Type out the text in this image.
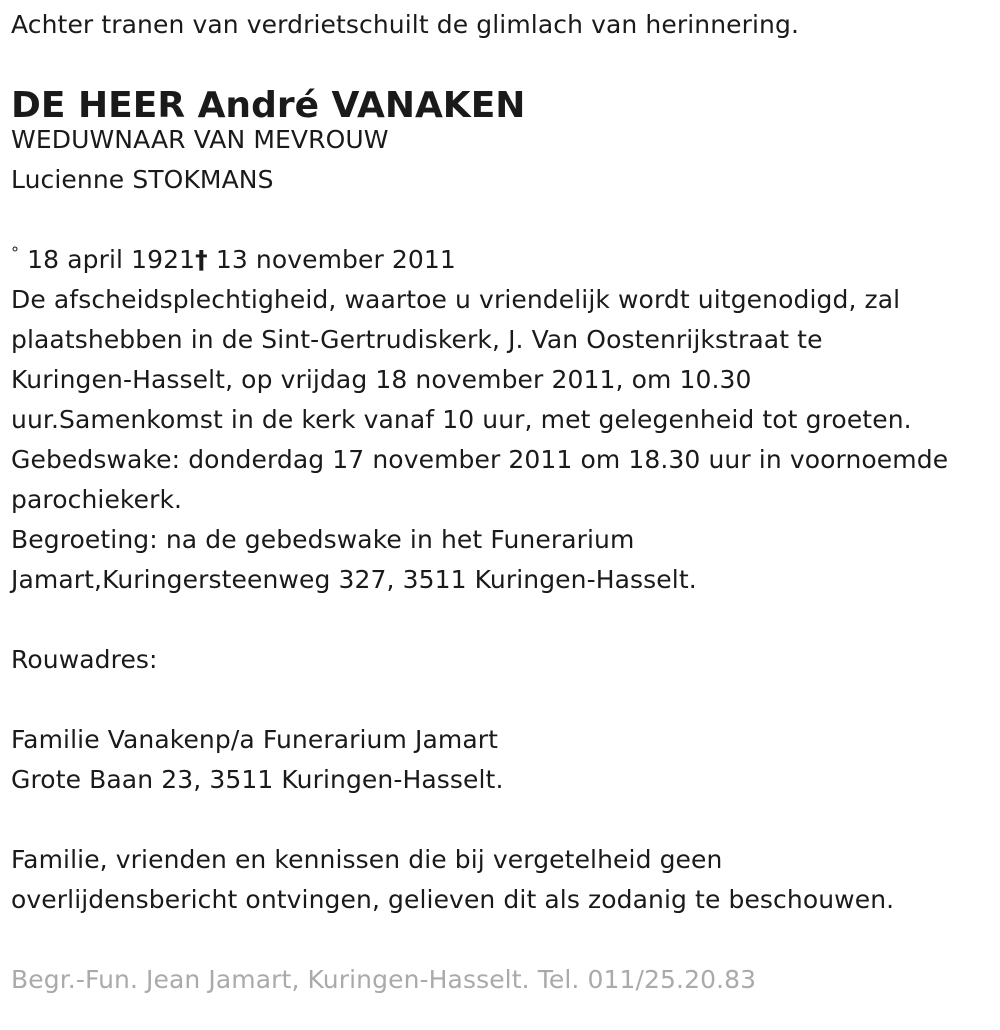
Achter tranen van verdrietschuilt de glimlach van herinnering.
DE HEER André VANAKEN
WEDUWNAAR VAN MEVROUW
Lucienne STOKMANS
° 18 april 1921† 13 november 2011
De afscheidsplechtigheid, waartoe u vriendelijk wordt uitgenodigd, zal
plaatshebben in de Sint-Gertrudiskerk, J. Van Oostenrijkstraat te
Kuringen-Hasselt, op vrijdag 18 november 2011, om 10.30
uur.Samenkomst in de kerk vanaf 10 uur, met gelegenheid tot groeten.
Gebedswake: donderdag 17 november 2011 om 18.30 uur in voornoemde
parochiekerk.
Begroeting: na de gebedswake in het Funerarium
Jamart,Kuringersteenweg 327, 3511 Kuringen-Hasselt.
Rouwadres:
Familie Vanakenp/a Funerarium Jamart
Grote Baan 23, 3511 Kuringen-Hasselt.
Familie, vrienden en kennissen die bij vergetelheid geen
overlijdensbericht ontvingen, gelieven dit als zodanig te beschouwen.
Begr.-Fun. Jean Jamart, Kuringen-Hasselt. Tel. 011/25.20.83
